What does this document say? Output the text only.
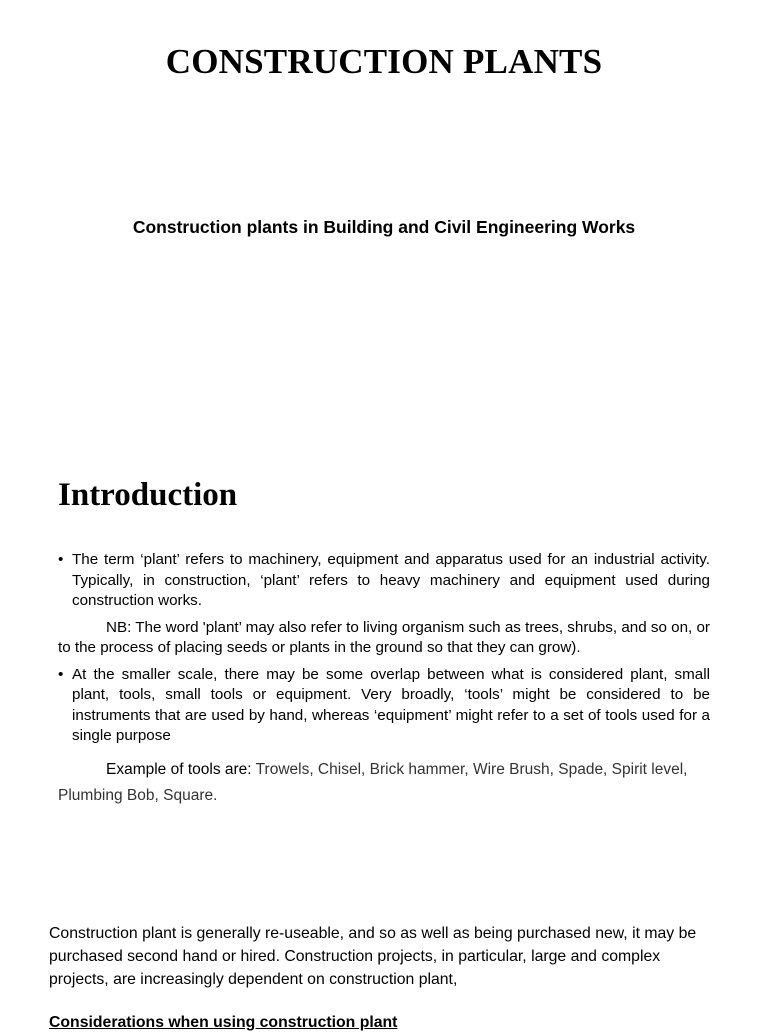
CONSTRUCTION PLANTS
Construction plants in Building and Civil Engineering Works
Introduction
• The term ‘plant’ refers to machinery, equipment and apparatus used for an industrial activity. Typically, in construction, ‘plant’ refers to heavy machinery and equipment used during construction works.
NB: The word 'plant’ may also refer to living organism such as trees, shrubs, and so on, or to the process of placing seeds or plants in the ground so that they can grow).
• At the smaller scale, there may be some overlap between what is considered plant, small plant, tools, small tools or equipment. Very broadly, ‘tools’ might be considered to be instruments that are used by hand, whereas ‘equipment’ might refer to a set of tools used for a single purpose
Example of tools are: Trowels, Chisel, Brick hammer, Wire Brush, Spade, Spirit level, Plumbing Bob, Square.
Construction plant is generally re-useable, and so as well as being purchased new, it may be purchased second hand or hired. Construction projects, in particular, large and complex projects, are increasingly dependent on construction plant,
Considerations when using construction plant
